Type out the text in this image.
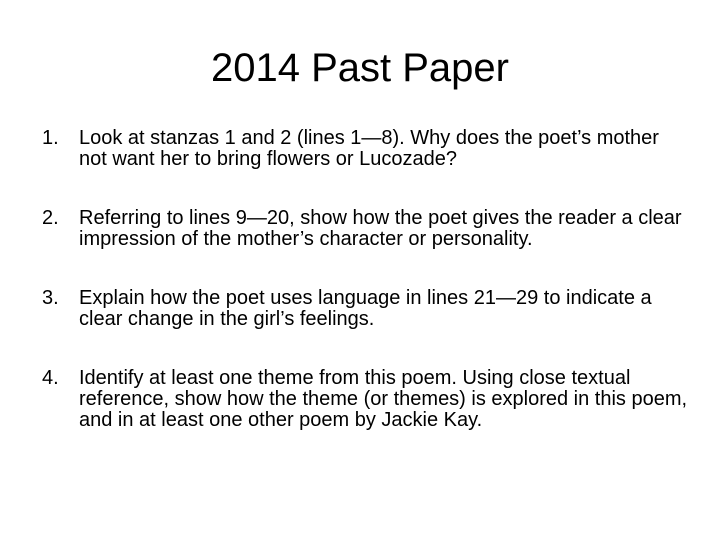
2014 Past Paper
1. Look at stanzas 1 and 2 (lines 1—8). Why does the poet’s mother not want her to bring flowers or Lucozade?
2. Referring to lines 9—20, show how the poet gives the reader a clear impression of the mother’s character or personality.
3. Explain how the poet uses language in lines 21—29 to indicate a clear change in the girl’s feelings.
4. Identify at least one theme from this poem. Using close textual reference, show how the theme (or themes) is explored in this poem, and in at least one other poem by Jackie Kay.
